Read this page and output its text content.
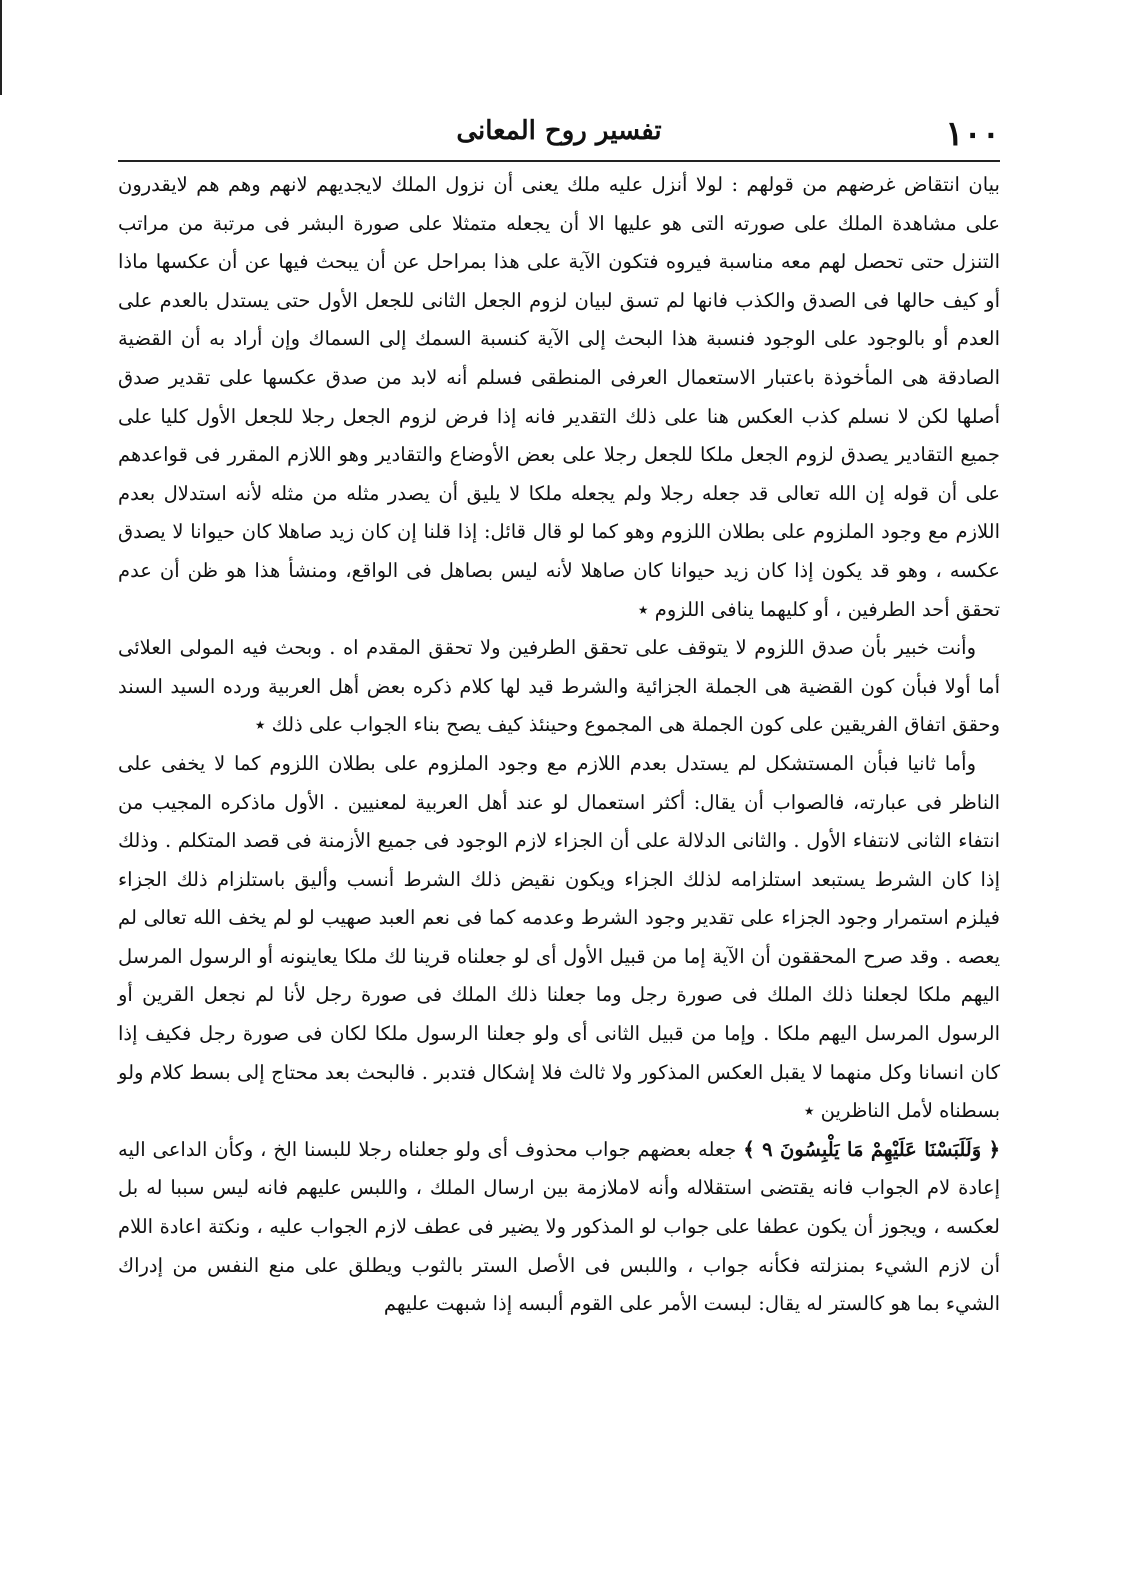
١٠٠
تفسير روح المعانى

بيان انتقاض غرضهم من قولهم : لولا أنزل عليه ملك يعنى أن نزول الملك لايجديهم لانهم وهم هم لايقدرون على مشاهدة الملك على صورته التى هو عليها الا أن يجعله متمثلا على صورة البشر فى مرتبة من مراتب التنزل حتى تحصل لهم معه مناسبة فيروه فتكون الآية على هذا بمراحل عن أن يبحث فيها عن أن عكسها ماذا أو كيف حالها فى الصدق والكذب فانها لم تسق لبيان لزوم الجعل الثانى للجعل الأول حتى يستدل بالعدم على العدم أو بالوجود على الوجود فنسبة هذا البحث إلى الآية كنسبة السمك إلى السماك وإن أراد به أن القضية الصادقة هى المأخوذة باعتبار الاستعمال العرفى المنطقى فسلم أنه لابد من صدق عكسها على تقدير صدق أصلها لكن لا نسلم كذب العكس هنا على ذلك التقدير فانه إذا فرض لزوم الجعل رجلا للجعل الأول كليا على جميع التقادير يصدق لزوم الجعل ملكا للجعل رجلا على بعض الأوضاع والتقادير وهو اللازم المقرر فى قواعدهم على أن قوله إن الله تعالى قد جعله رجلا ولم يجعله ملكا لا يليق أن يصدر مثله من مثله لأنه استدلال بعدم اللازم مع وجود الملزوم على بطلان اللزوم وهو كما لو قال قائل: إذا قلنا إن كان زيد صاهلا كان حيوانا لا يصدق عكسه ، وهو قد يكون إذا كان زيد حيوانا كان صاهلا لأنه ليس بصاهل فى الواقع، ومنشأ هذا هو ظن أن عدم تحقق أحد الطرفين ، أو كليهما ينافى اللزوم ٭

وأنت خبير بأن صدق اللزوم لا يتوقف على تحقق الطرفين ولا تحقق المقدم اه . وبحث فيه المولى العلائى أما أولا فبأن كون القضية هى الجملة الجزائية والشرط قيد لها كلام ذكره بعض أهل العربية ورده السيد السند وحقق اتفاق الفريقين على كون الجملة هى المجموع وحينئذ كيف يصح بناء الجواب على ذلك ٭

وأما ثانيا فبأن المستشكل لم يستدل بعدم اللازم مع وجود الملزوم على بطلان اللزوم كما لا يخفى على الناظر فى عبارته، فالصواب أن يقال: أكثر استعمال لو عند أهل العربية لمعنيين . الأول ماذكره المجيب من انتفاء الثانى لانتفاء الأول . والثانى الدلالة على أن الجزاء لازم الوجود فى جميع الأزمنة فى قصد المتكلم . وذلك إذا كان الشرط يستبعد استلزامه لذلك الجزاء ويكون نقيض ذلك الشرط أنسب وأليق باستلزام ذلك الجزاء فيلزم استمرار وجود الجزاء على تقدير وجود الشرط وعدمه كما فى نعم العبد صهيب لو لم يخف الله تعالى لم يعصه . وقد صرح المحققون أن الآية إما من قبيل الأول أى لو جعلناه قرينا لك ملكا يعاينونه أو الرسول المرسل اليهم ملكا لجعلنا ذلك الملك فى صورة رجل وما جعلنا ذلك الملك فى صورة رجل لأنا لم نجعل القرين أو الرسول المرسل اليهم ملكا . وإما من قبيل الثانى أى ولو جعلنا الرسول ملكا لكان فى صورة رجل فكيف إذا كان انسانا وكل منهما لا يقبل العكس المذكور ولا ثالث فلا إشكال فتدبر . فالبحث بعد محتاج إلى بسط كلام ولو بسطناه لأمل الناظرين ٭

﴿ وَلَلَبَسْنَا عَلَيْهِمْ مَا يَلْبِسُونَ ٩ ﴾ جعله بعضهم جواب محذوف أى ولو جعلناه رجلا للبسنا الخ ، وكأن الداعى اليه إعادة لام الجواب فانه يقتضى استقلاله وأنه لاملازمة بين ارسال الملك ، واللبس عليهم فانه ليس سببا له بل لعكسه ، ويجوز أن يكون عطفا على جواب لو المذكور ولا يضير فى عطف لازم الجواب عليه ، ونكتة اعادة اللام أن لازم الشيء بمنزلته فكأنه جواب ، واللبس فى الأصل الستر بالثوب ويطلق على منع النفس من إدراك الشيء بما هو كالستر له يقال: لبست الأمر على القوم ألبسه إذا شبهت عليهم
